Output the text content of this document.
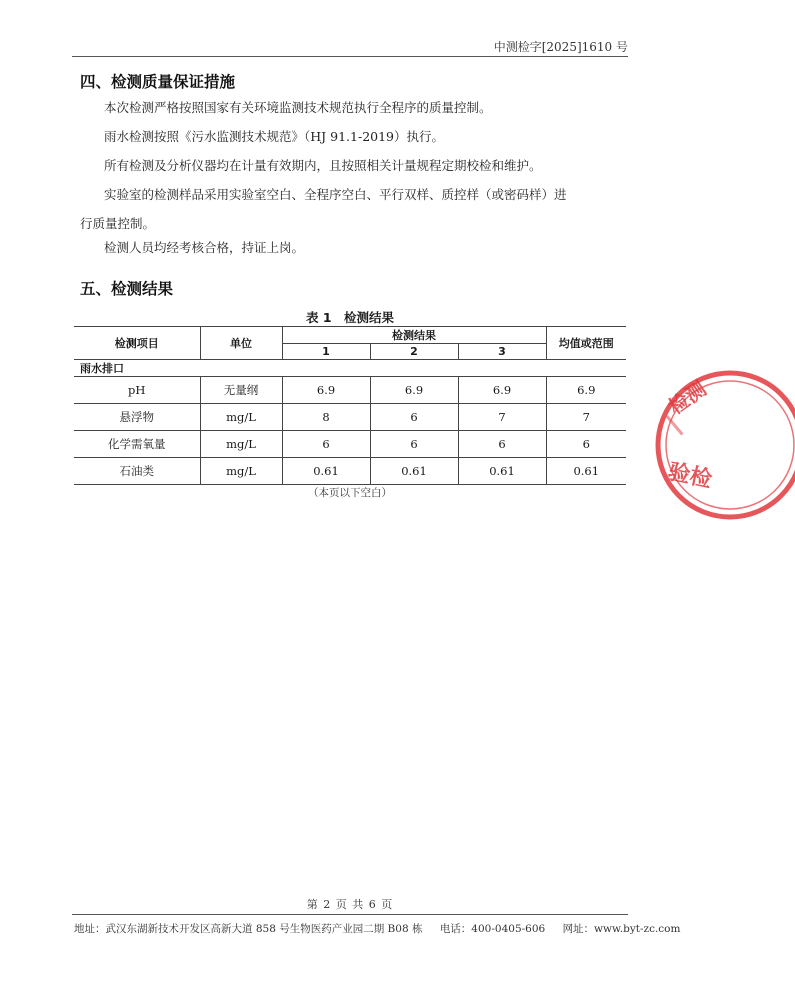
中测检字[2025]1610 号
四、检测质量保证措施
本次检测严格按照国家有关环境监测技术规范执行全程序的质量控制。
雨水检测按照《污水监测技术规范》（HJ 91.1-2019）执行。
所有检测及分析仪器均在计量有效期内，且按照相关计量规程定期校检和维护。
实验室的检测样品采用实验室空白、全程序空白、平行双样、质控样（或密码样）进
行质量控制。
检测人员均经考核合格，持证上岗。
五、检测结果
表 1　检测结果
检测项目	单位	检测结果			均值或范围
		1	2	3	
雨水排口					
pH	无量纲	6.9	6.9	6.9	6.9
悬浮物	mg/L	8	6	7	7
化学需氧量	mg/L	6	6	6	6
石油类	mg/L	0.61	0.61	0.61	0.61
（本页以下空白）
检测
验检
第 2 页 共 6 页
地址：武汉东湖新技术开发区高新大道 858 号生物医药产业园二期 B08 栋 电话：400-0405-606 网址：www.byt-zc.com
